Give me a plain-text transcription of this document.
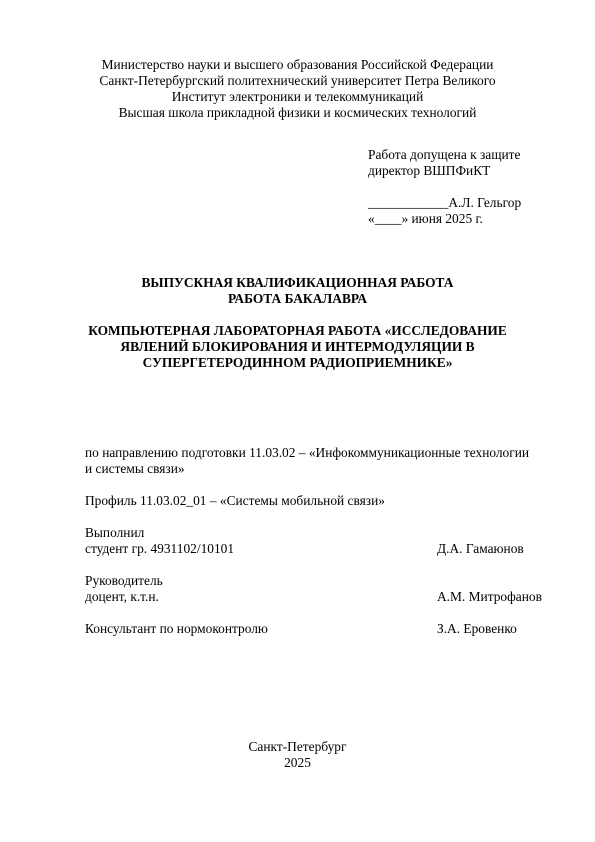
Министерство науки и высшего образования Российской Федерации
Санкт-Петербургский политехнический университет Петра Великого
Институт электроники и телекоммуникаций
Высшая школа прикладной физики и космических технологий
Работа допущена к защите
директор ВШПФиКТ
____________А.Л. Гельгор
«____» июня 2025 г.
ВЫПУСКНАЯ КВАЛИФИКАЦИОННАЯ РАБОТА
РАБОТА БАКАЛАВРА
КОМПЬЮТЕРНАЯ ЛАБОРАТОРНАЯ РАБОТА «ИССЛЕДОВАНИЕ
ЯВЛЕНИЙ БЛОКИРОВАНИЯ И ИНТЕРМОДУЛЯЦИИ В
СУПЕРГЕТЕРОДИННОМ РАДИОПРИЕМНИКЕ»
по направлению подготовки 11.03.02 – «Инфокоммуникационные технологии
и системы связи»
Профиль 11.03.02_01 – «Системы мобильной связи»
Выполнил
студент гр. 4931102/10101	Д.А. Гамаюнов
Руководитель
доцент, к.т.н.	А.М. Митрофанов
Консультант по нормоконтролю	З.А. Еровенко
Санкт-Петербург
2025
